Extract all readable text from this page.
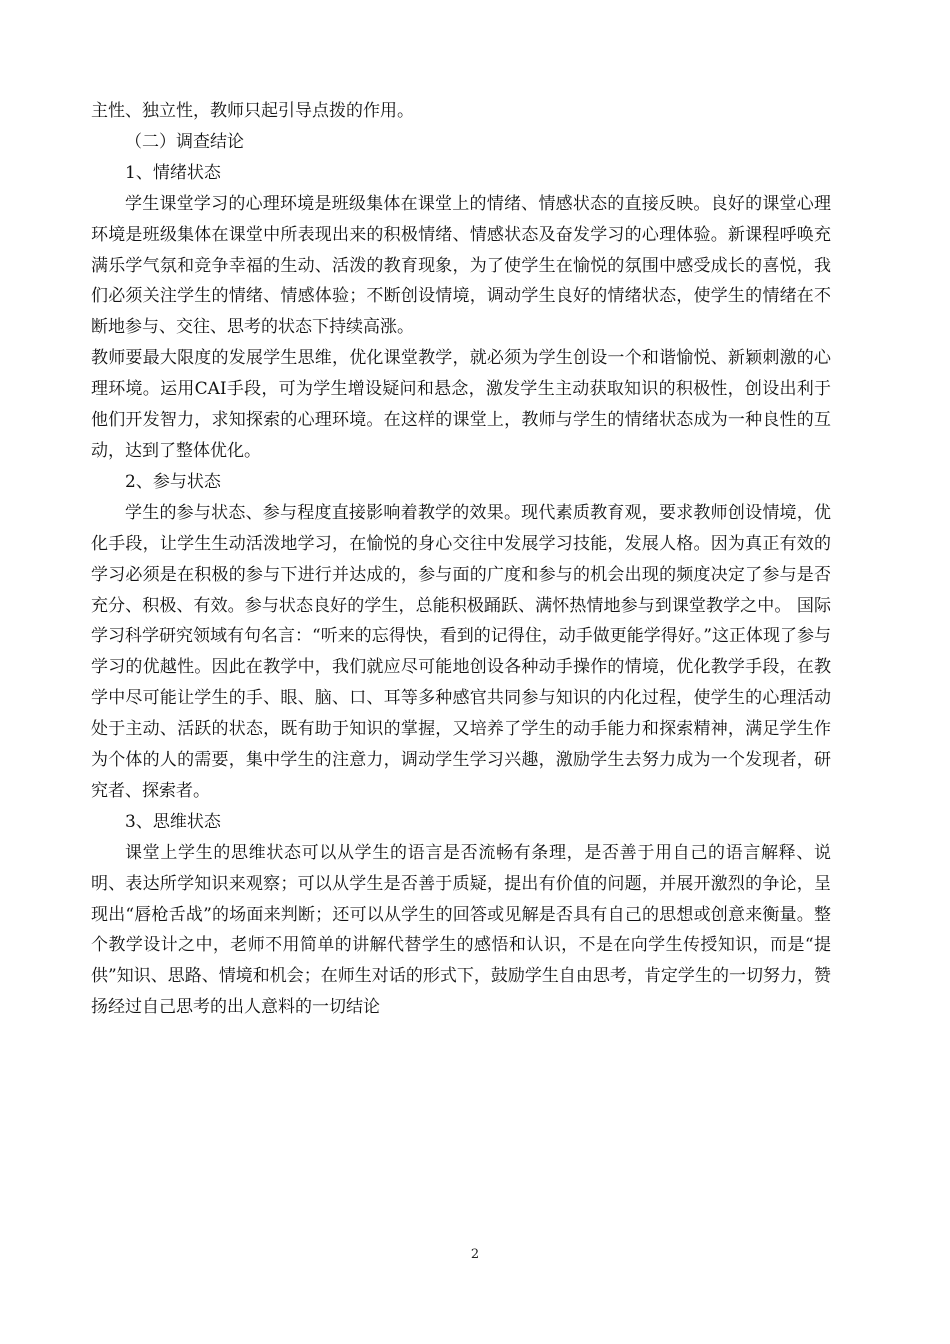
主性、独立性，教师只起引导点拨的作用。

（二）调查结论

1、情绪状态

学生课堂学习的心理环境是班级集体在课堂上的情绪、情感状态的直接反映。良好的课堂心理环境是班级集体在课堂中所表现出来的积极情绪、情感状态及奋发学习的心理体验。新课程呼唤充满乐学气氛和竞争幸福的生动、活泼的教育现象，为了使学生在愉悦的氛围中感受成长的喜悦，我们必须关注学生的情绪、情感体验；不断创设情境，调动学生良好的情绪状态，使学生的情绪在不断地参与、交往、思考的状态下持续高涨。

教师要最大限度的发展学生思维，优化课堂教学，就必须为学生创设一个和谐愉悦、新颖刺激的心理环境。运用CAI手段，可为学生增设疑问和悬念，激发学生主动获取知识的积极性，创设出利于他们开发智力，求知探索的心理环境。在这样的课堂上，教师与学生的情绪状态成为一种良性的互动，达到了整体优化。

2、参与状态

学生的参与状态、参与程度直接影响着教学的效果。现代素质教育观，要求教师创设情境，优化手段，让学生生动活泼地学习，在愉悦的身心交往中发展学习技能，发展人格。因为真正有效的学习必须是在积极的参与下进行并达成的，参与面的广度和参与的机会出现的频度决定了参与是否充分、积极、有效。参与状态良好的学生，总能积极踊跃、满怀热情地参与到课堂教学之中。 国际学习科学研究领域有句名言：“听来的忘得快，看到的记得住，动手做更能学得好。”这正体现了参与学习的优越性。因此在教学中，我们就应尽可能地创设各种动手操作的情境，优化教学手段，在教学中尽可能让学生的手、眼、脑、口、耳等多种感官共同参与知识的内化过程，使学生的心理活动处于主动、活跃的状态，既有助于知识的掌握，又培养了学生的动手能力和探索精神，满足学生作为个体的人的需要，集中学生的注意力，调动学生学习兴趣，激励学生去努力成为一个发现者，研究者、探索者。

3、思维状态

课堂上学生的思维状态可以从学生的语言是否流畅有条理，是否善于用自己的语言解释、说明、表达所学知识来观察；可以从学生是否善于质疑，提出有价值的问题，并展开激烈的争论，呈现出“唇枪舌战”的场面来判断；还可以从学生的回答或见解是否具有自己的思想或创意来衡量。整个教学设计之中，老师不用简单的讲解代替学生的感悟和认识，不是在向学生传授知识，而是“提供”知识、思路、情境和机会；在师生对话的形式下，鼓励学生自由思考，肯定学生的一切努力，赞扬经过自己思考的出人意料的一切结论

2
